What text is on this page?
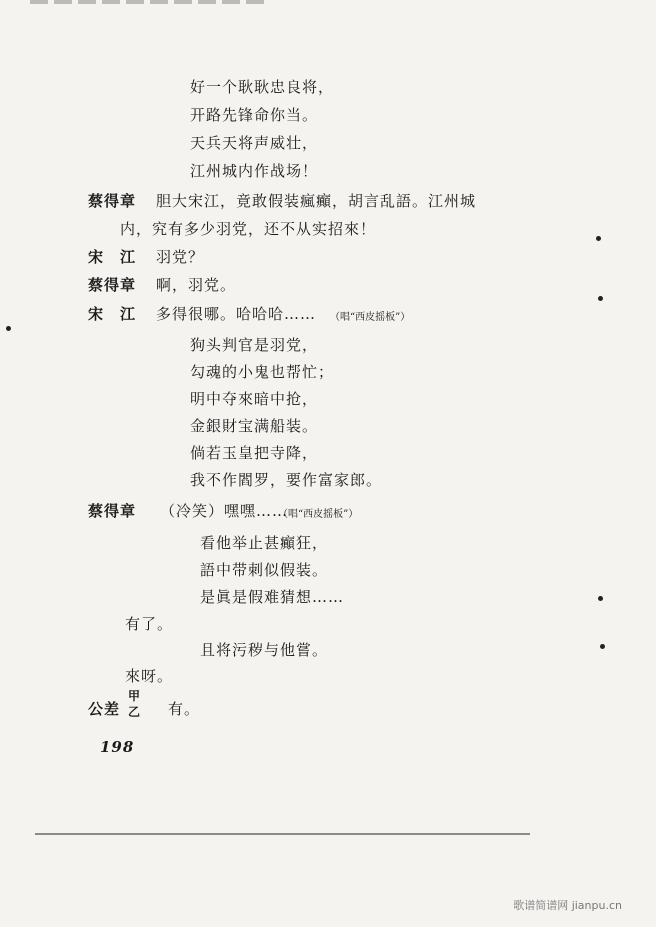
好一个耿耿忠良将，
开路先锋命你当。
天兵天将声威壮，
江州城内作战场！
蔡得章 胆大宋江，竟敢假装瘋癲，胡言乱語。江州城
内，究有多少羽党，还不从实招來！
宋　江 羽党？
蔡得章 啊，羽党。
宋　江 多得很哪。哈哈哈…… （唱“西皮摇板”）
狗头判官是羽党，
勾魂的小鬼也帮忙；
明中夺來暗中抢，
金銀財宝满船装。
倘若玉皇把寺降，
我不作閻罗，要作富家郎。
蔡得章 （冷笑）嘿嘿……
（唱“西皮摇板”）
看他举止甚癲狂，
語中带刺似假装。
是眞是假难猜想……
有了。
且将污秽与他嘗。
來呀。
公差
甲
乙 有。
198
歌谱简谱网 jianpu.cn
